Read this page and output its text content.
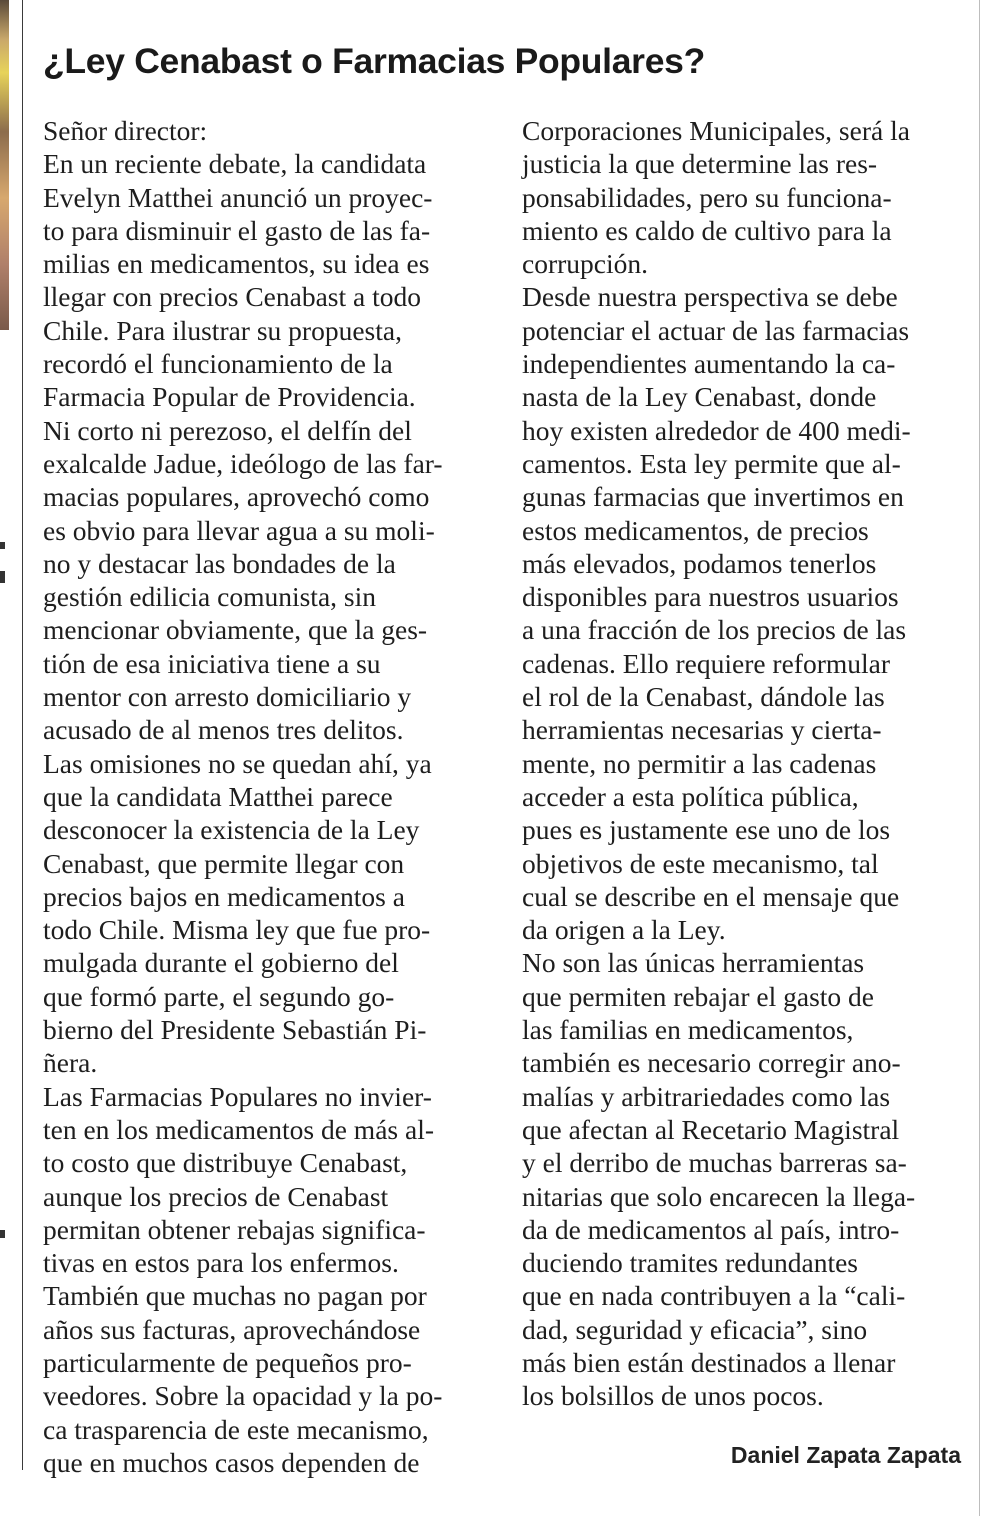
¿Ley Cenabast o Farmacias Populares?
Señor director:
En un reciente debate, la candidata
Evelyn Matthei anunció un proyec-
to para disminuir el gasto de las fa-
milias en medicamentos, su idea es
llegar con precios Cenabast a todo
Chile. Para ilustrar su propuesta,
recordó el funcionamiento de la
Farmacia Popular de Providencia.
Ni corto ni perezoso, el delfín del
exalcalde Jadue, ideólogo de las far-
macias populares, aprovechó como
es obvio para llevar agua a su moli-
no y destacar las bondades de la
gestión edilicia comunista, sin
mencionar obviamente, que la ges-
tión de esa iniciativa tiene a su
mentor con arresto domiciliario y
acusado de al menos tres delitos.
Las omisiones no se quedan ahí, ya
que la candidata Matthei parece
desconocer la existencia de la Ley
Cenabast, que permite llegar con
precios bajos en medicamentos a
todo Chile. Misma ley que fue pro-
mulgada durante el gobierno del
que formó parte, el segundo go-
bierno del Presidente Sebastián Pi-
ñera.
Las Farmacias Populares no invier-
ten en los medicamentos de más al-
to costo que distribuye Cenabast,
aunque los precios de Cenabast
permitan obtener rebajas significa-
tivas en estos para los enfermos.
También que muchas no pagan por
años sus facturas, aprovechándose
particularmente de pequeños pro-
veedores. Sobre la opacidad y la po-
ca trasparencia de este mecanismo,
que en muchos casos dependen de
Corporaciones Municipales, será la
justicia la que determine las res-
ponsabilidades, pero su funciona-
miento es caldo de cultivo para la
corrupción.
Desde nuestra perspectiva se debe
potenciar el actuar de las farmacias
independientes aumentando la ca-
nasta de la Ley Cenabast, donde
hoy existen alrededor de 400 medi-
camentos. Esta ley permite que al-
gunas farmacias que invertimos en
estos medicamentos, de precios
más elevados, podamos tenerlos
disponibles para nuestros usuarios
a una fracción de los precios de las
cadenas. Ello requiere reformular
el rol de la Cenabast, dándole las
herramientas necesarias y cierta-
mente, no permitir a las cadenas
acceder a esta política pública,
pues es justamente ese uno de los
objetivos de este mecanismo, tal
cual se describe en el mensaje que
da origen a la Ley.
No son las únicas herramientas
que permiten rebajar el gasto de
las familias en medicamentos,
también es necesario corregir ano-
malías y arbitrariedades como las
que afectan al Recetario Magistral
y el derribo de muchas barreras sa-
nitarias que solo encarecen la llega-
da de medicamentos al país, intro-
duciendo tramites redundantes
que en nada contribuyen a la “cali-
dad, seguridad y eficacia”, sino
más bien están destinados a llenar
los bolsillos de unos pocos.
Daniel Zapata Zapata
